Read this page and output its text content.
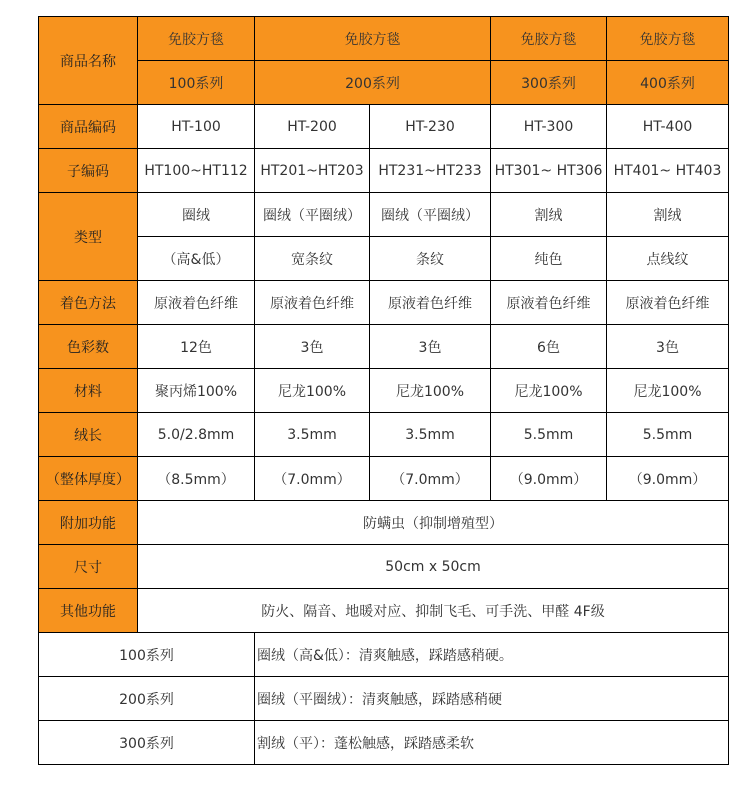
商品名称	免胶方毯	免胶方毯		免胶方毯	免胶方毯
	100系列	200系列		300系列	400系列
商品编码	HT-100	HT-200	HT-230	HT-300	HT-400
子编码	HT100~HT112	HT201~HT203	HT231~HT233	HT301~ HT306	HT401~ HT403
类型	圈绒	圈绒（平圈绒）	圈绒（平圈绒）	割绒	割绒
	（高&低）	宽条纹	条纹	纯色	点线纹
着色方法	原液着色纤维	原液着色纤维	原液着色纤维	原液着色纤维	原液着色纤维
色彩数	12色	3色	3色	6色	3色
材料	聚丙烯100%	尼龙100%	尼龙100%	尼龙100%	尼龙100%
绒长	5.0/2.8mm	3.5mm	3.5mm	5.5mm	5.5mm
（整体厚度）	（8.5mm）	（7.0mm）	（7.0mm）	（9.0mm）	（9.0mm）
附加功能	防螨虫（抑制增殖型）				
尺寸	50cm x 50cm				
其他功能	防火、隔音、地暖对应、抑制飞毛、可手洗、甲醛 4F级				
100系列		圈绒（高&低）：清爽触感，踩踏感稍硬。			
200系列		圈绒（平圈绒）：清爽触感，踩踏感稍硬			
300系列		割绒（平）：蓬松触感，踩踏感柔软			
